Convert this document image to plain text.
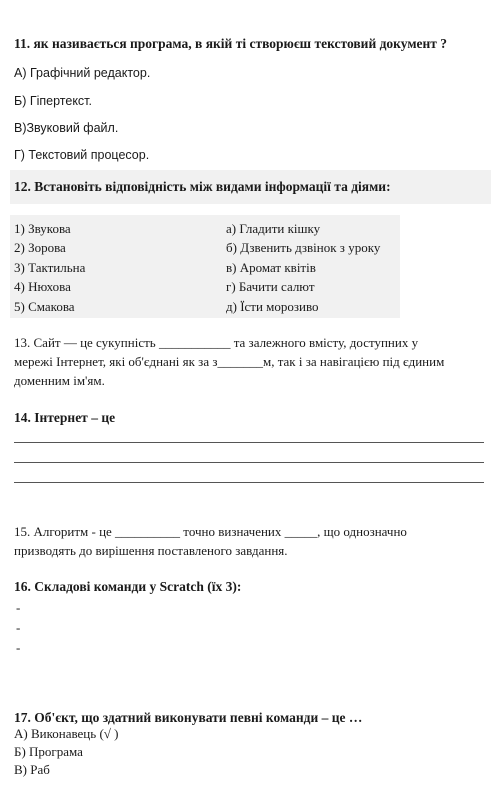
11. як називається програма, в якій ті створюєш текстовий документ ?
А) Графічний редактор.
Б) Гіпертекст.
В)Звуковий файл.
Г) Текстовий процесор.
12. Встановіть відповідність між видами інформації та діями:
1) Звукова
2) Зорова
3) Тактильна
4) Нюхова
5) Смакова
а) Гладити кішку
б) Дзвенить дзвінок з уроку
в) Аромат квітів
г) Бачити салют
д) Їсти морозиво
13. Сайт — це сукупність ___________ та залежного вмісту, доступних у
мережі Інтернет, які об'єднані як за з_______м, так і за навігацією під єдиним
доменним ім'ям.
14. Інтернет – це
15. Алгоритм - це __________ точно визначених _____, що однозначно
призводять до вирішення поставленого завдання.
16. Складові команди у Scratch (їх 3):
-
-
-
17. Об'єкт, що здатний виконувати певні команди – це …
А) Виконавець (√ )
Б) Програма
В) Раб
